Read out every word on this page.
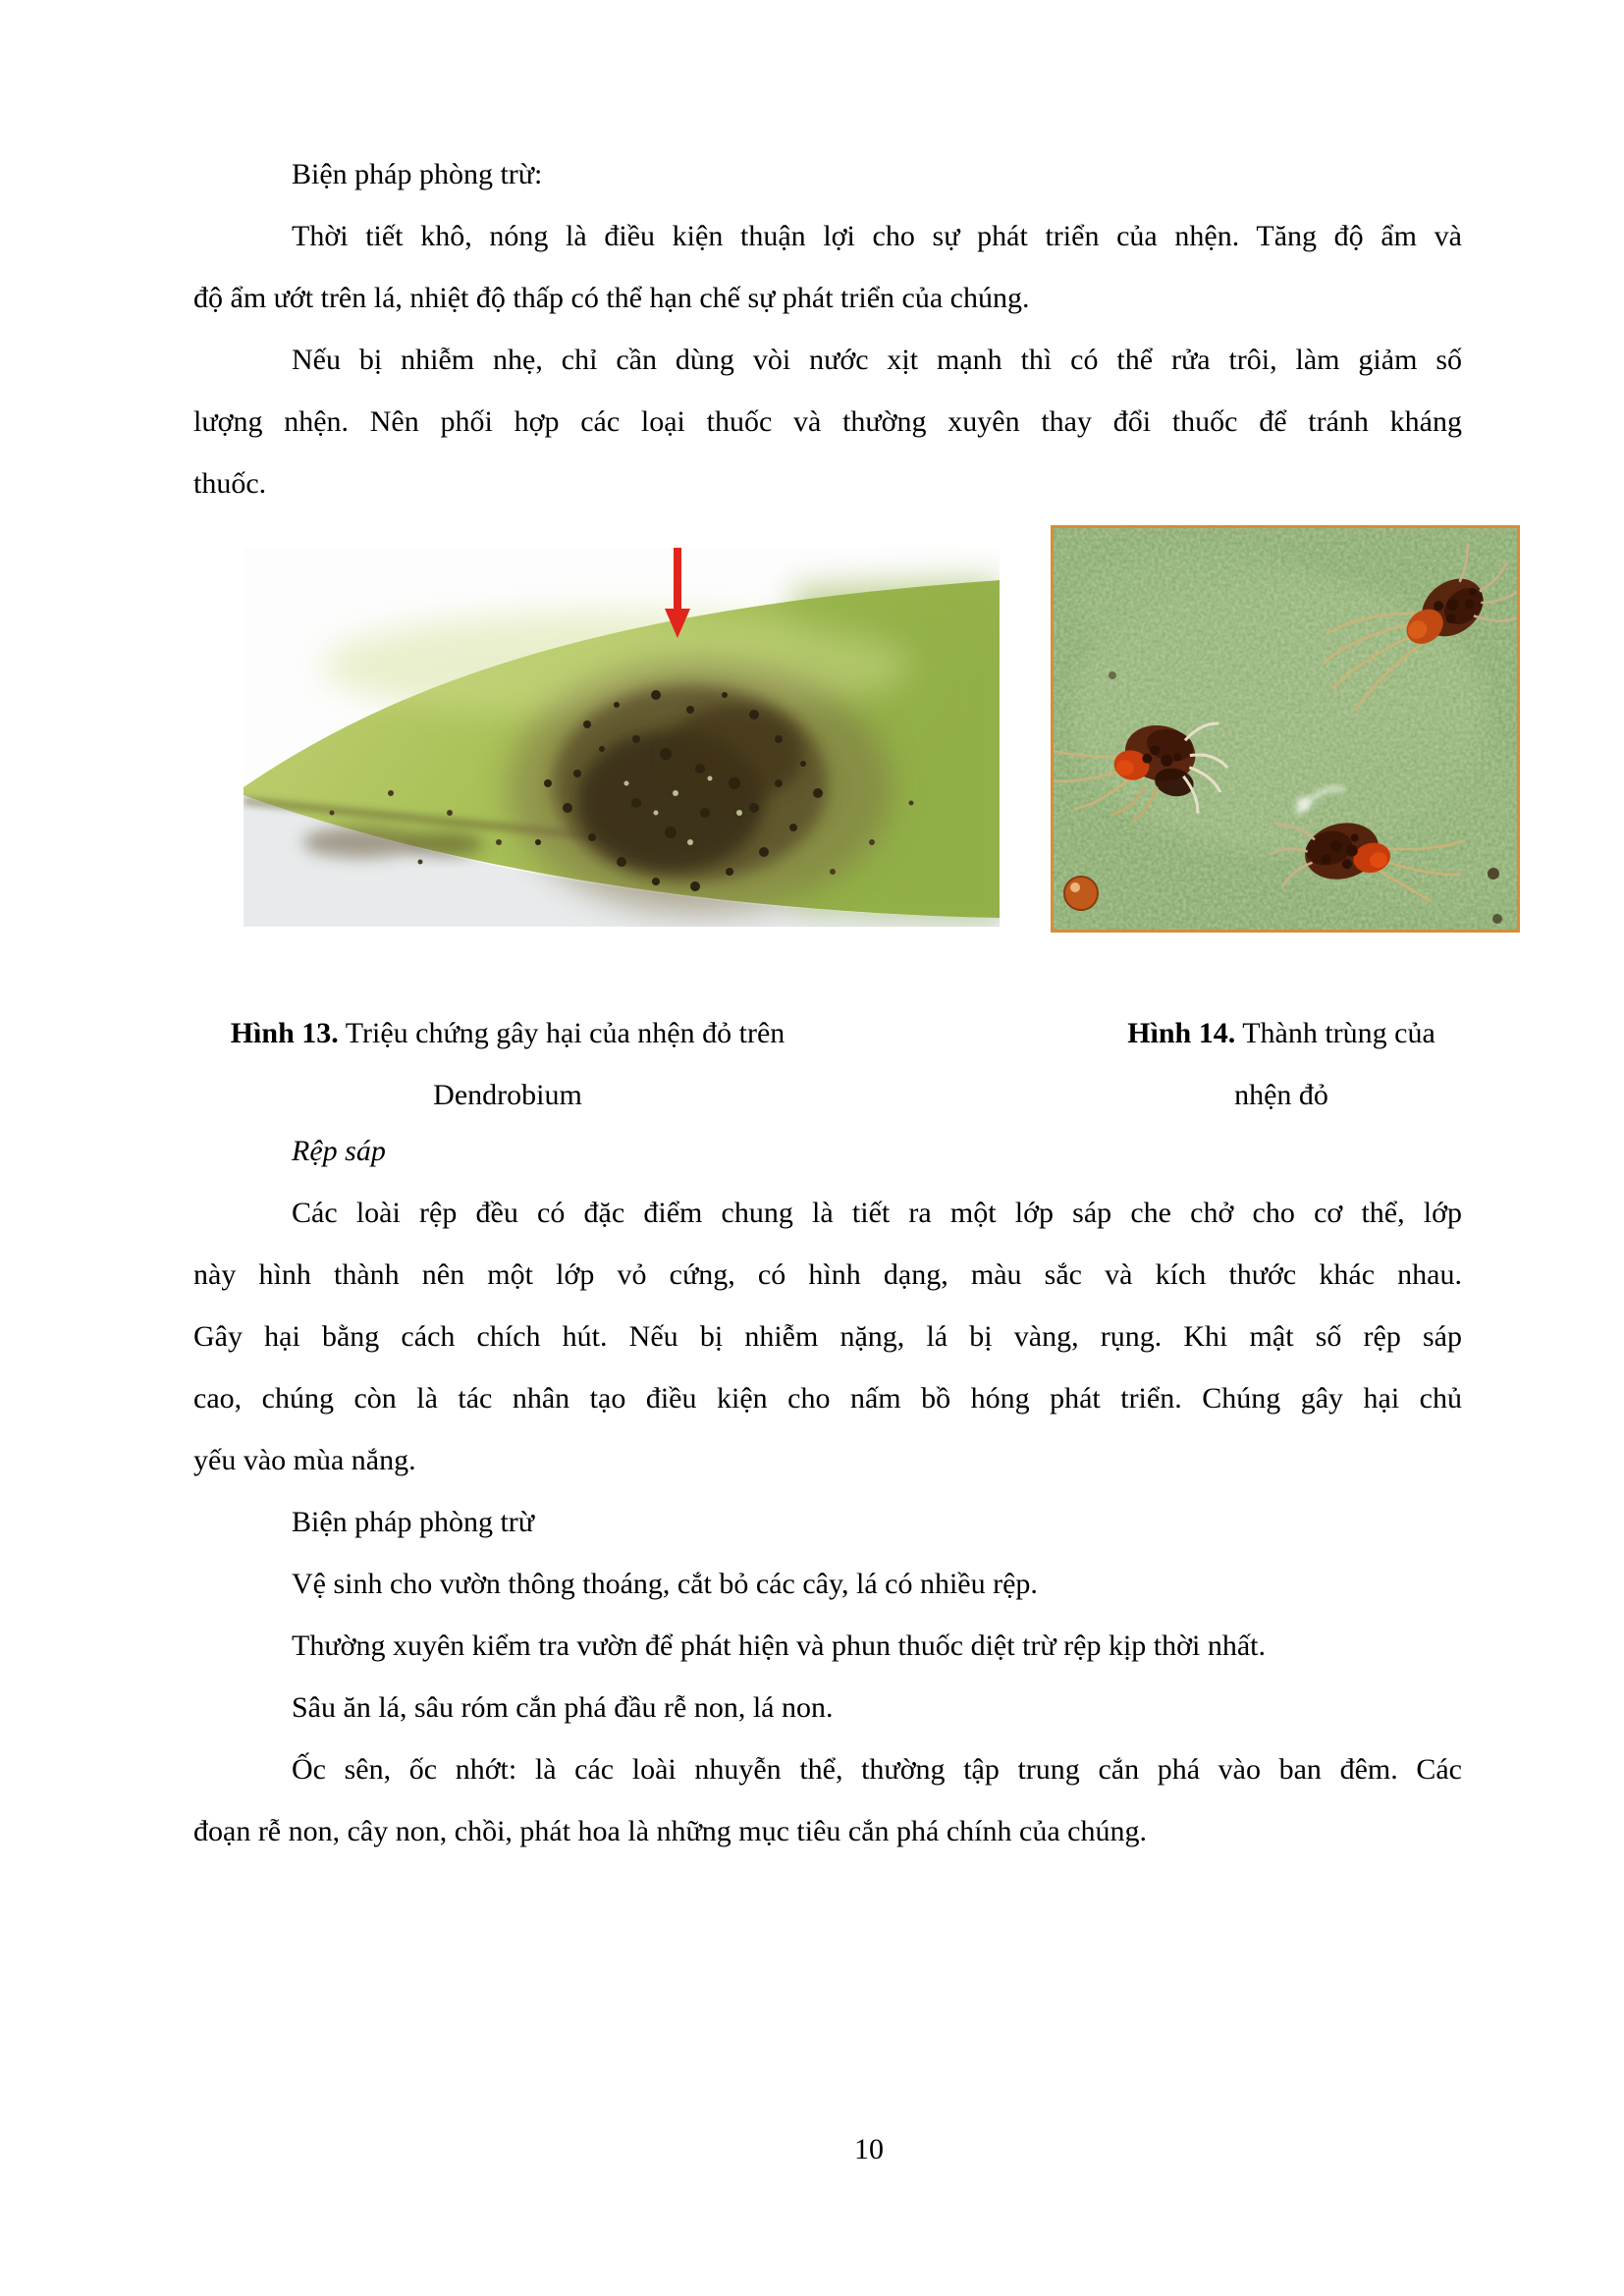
Biện pháp phòng trừ:
Thời tiết khô, nóng là điều kiện thuận lợi cho sự phát triển của nhện. Tăng độ ẩm và
độ ẩm ướt trên lá, nhiệt độ thấp có thể hạn chế sự phát triển của chúng.
Nếu bị nhiễm nhẹ, chỉ cần dùng vòi nước xịt mạnh thì có thể rửa trôi, làm giảm số
lượng nhện. Nên phối hợp các loại thuốc và thường xuyên thay đổi thuốc để tránh kháng
thuốc.
Hình 13. Triệu chứng gây hại của nhện đỏ trên
Dendrobium
Hình 14. Thành trùng của
nhện đỏ
Rệp sáp
Các loài rệp đều có đặc điểm chung là tiết ra một lớp sáp che chở cho cơ thể, lớp
này hình thành nên một lớp vỏ cứng, có hình dạng, màu sắc và kích thước khác nhau.
Gây hại bằng cách chích hút. Nếu bị nhiễm nặng, lá bị vàng, rụng. Khi mật số rệp sáp
cao, chúng còn là tác nhân tạo điều kiện cho nấm bồ hóng phát triển. Chúng gây hại chủ
yếu vào mùa nắng.
Biện pháp phòng trừ
Vệ sinh cho vườn thông thoáng, cắt bỏ các cây, lá có nhiều rệp.
Thường xuyên kiểm tra vườn để phát hiện và phun thuốc diệt trừ rệp kịp thời nhất.
Sâu ăn lá, sâu róm cắn phá đầu rễ non, lá non.
Ốc sên, ốc nhớt: là các loài nhuyễn thể, thường tập trung cắn phá vào ban đêm. Các
đoạn rễ non, cây non, chồi, phát hoa là những mục tiêu cắn phá chính của chúng.
10
